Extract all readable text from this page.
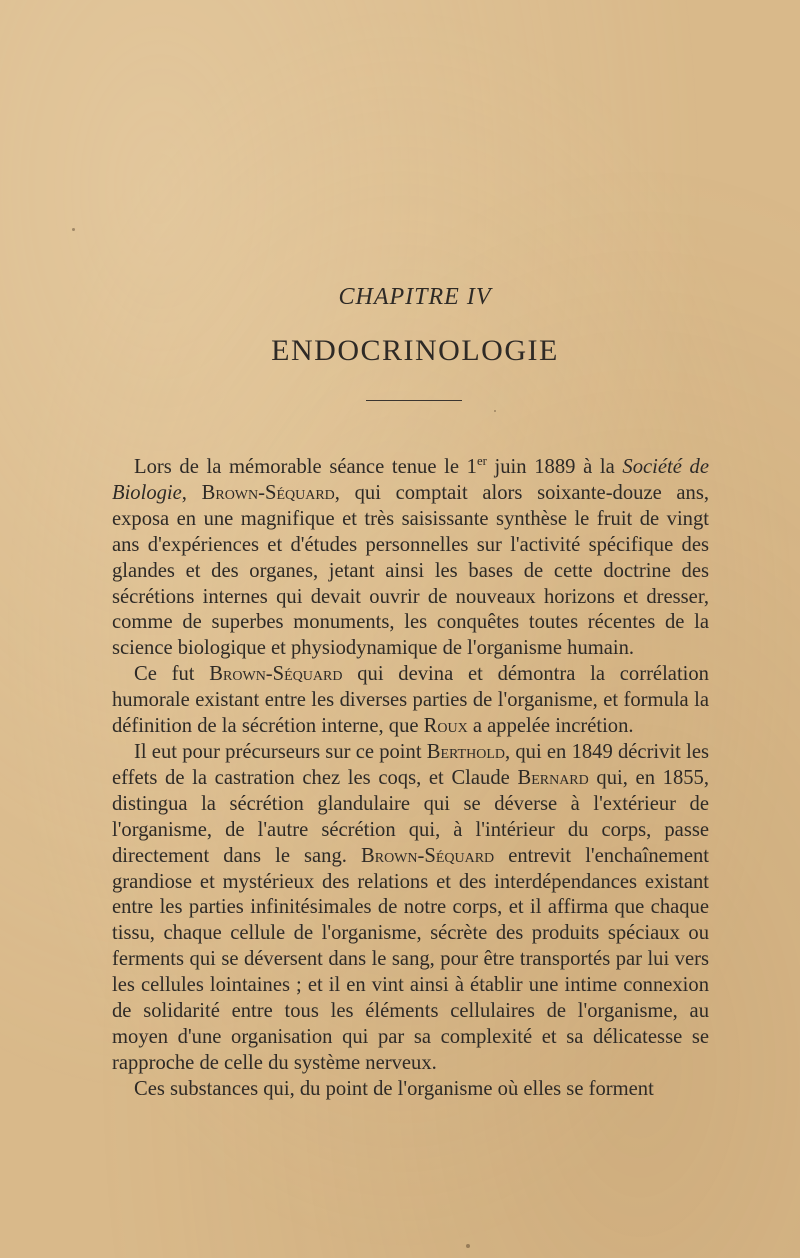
CHAPITRE IV
ENDOCRINOLOGIE

Lors de la mémorable séance tenue le 1er juin 1889 à la Société de Biologie, Brown-Séquard, qui comptait alors soixante-douze ans, exposa en une magnifique et très saisissante synthèse le fruit de vingt ans d'expériences et d'études personnelles sur l'activité spécifique des glandes et des organes, jetant ainsi les bases de cette doctrine des sécrétions internes qui devait ouvrir de nouveaux horizons et dresser, comme de superbes monuments, les conquêtes toutes récentes de la science biologique et physiodynamique de l'organisme humain.

Ce fut Brown-Séquard qui devina et démontra la corrélation humorale existant entre les diverses parties de l'organisme, et formula la définition de la sécrétion interne, que Roux a appelée incrétion.

Il eut pour précurseurs sur ce point Berthold, qui en 1849 décrivit les effets de la castration chez les coqs, et Claude Bernard qui, en 1855, distingua la sécrétion glandulaire qui se déverse à l'extérieur de l'organisme, de l'autre sécrétion qui, à l'intérieur du corps, passe directement dans le sang. Brown-Séquard entrevit l'enchaînement grandiose et mystérieux des relations et des interdépendances existant entre les parties infinitésimales de notre corps, et il affirma que chaque tissu, chaque cellule de l'organisme, sécrète des produits spéciaux ou ferments qui se déversent dans le sang, pour être transportés par lui vers les cellules lointaines ; et il en vint ainsi à établir une intime connexion de solidarité entre tous les éléments cellulaires de l'organisme, au moyen d'une organisation qui par sa complexité et sa délicatesse se rapproche de celle du système nerveux.

Ces substances qui, du point de l'organisme où elles se forment
